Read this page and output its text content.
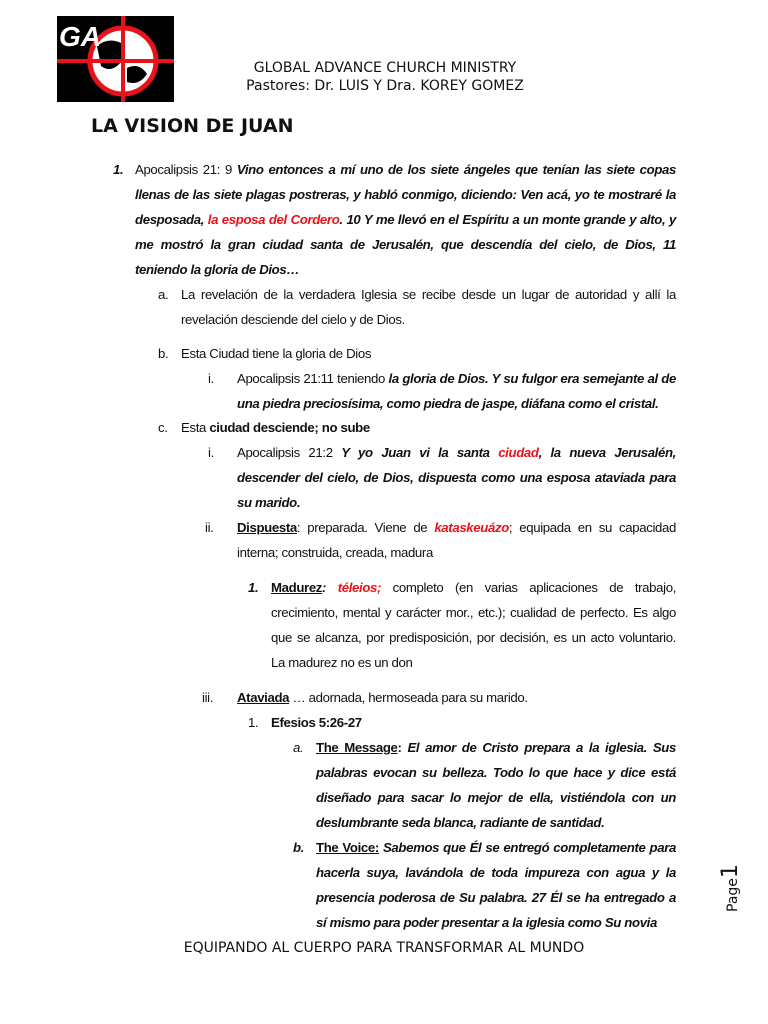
GA
GLOBAL ADVANCE CHURCH MINISTRY
Pastores: Dr. LUIS Y Dra. KOREY GOMEZ
LA VISION DE JUAN
1. Apocalipsis 21: 9 Vino entonces a mí uno de los siete ángeles que tenían las siete copas llenas de las siete plagas postreras, y habló conmigo, diciendo: Ven acá, yo te mostraré la desposada, la esposa del Cordero. 10 Y me llevó en el Espíritu a un monte grande y alto, y me mostró la gran ciudad santa de Jerusalén, que descendía del cielo, de Dios, 11 teniendo la gloria de Dios…
a. La revelación de la verdadera Iglesia se recibe desde un lugar de autoridad y allí la revelación desciende del cielo y de Dios.
b. Esta Ciudad tiene la gloria de Dios
i. Apocalipsis 21:11 teniendo la gloria de Dios. Y su fulgor era semejante al de una piedra preciosísima, como piedra de jaspe, diáfana como el cristal.
c. Esta ciudad desciende; no sube
i. Apocalipsis 21:2 Y yo Juan vi la santa ciudad, la nueva Jerusalén, descender del cielo, de Dios, dispuesta como una esposa ataviada para su marido.
ii. Dispuesta: preparada. Viene de kataskeuázo; equipada en su capacidad interna; construida, creada, madura
1. Madurez: téleios; completo (en varias aplicaciones de trabajo, crecimiento, mental y carácter mor., etc.); cualidad de perfecto. Es algo que se alcanza, por predisposición, por decisión, es un acto voluntario. La madurez no es un don
iii. Ataviada … adornada, hermoseada para su marido.
1. Efesios 5:26-27
a. The Message: El amor de Cristo prepara a la iglesia. Sus palabras evocan su belleza. Todo lo que hace y dice está diseñado para sacar lo mejor de ella, vistiéndola con un deslumbrante seda blanca, radiante de santidad.
b. The Voice: Sabemos que Él se entregó completamente para hacerla suya, lavándola de toda impureza con agua y la presencia poderosa de Su palabra. 27 Él se ha entregado a sí mismo para poder presentar a la iglesia como Su novia
EQUIPANDO AL CUERPO PARA TRANSFORMAR AL MUNDO
Page1
